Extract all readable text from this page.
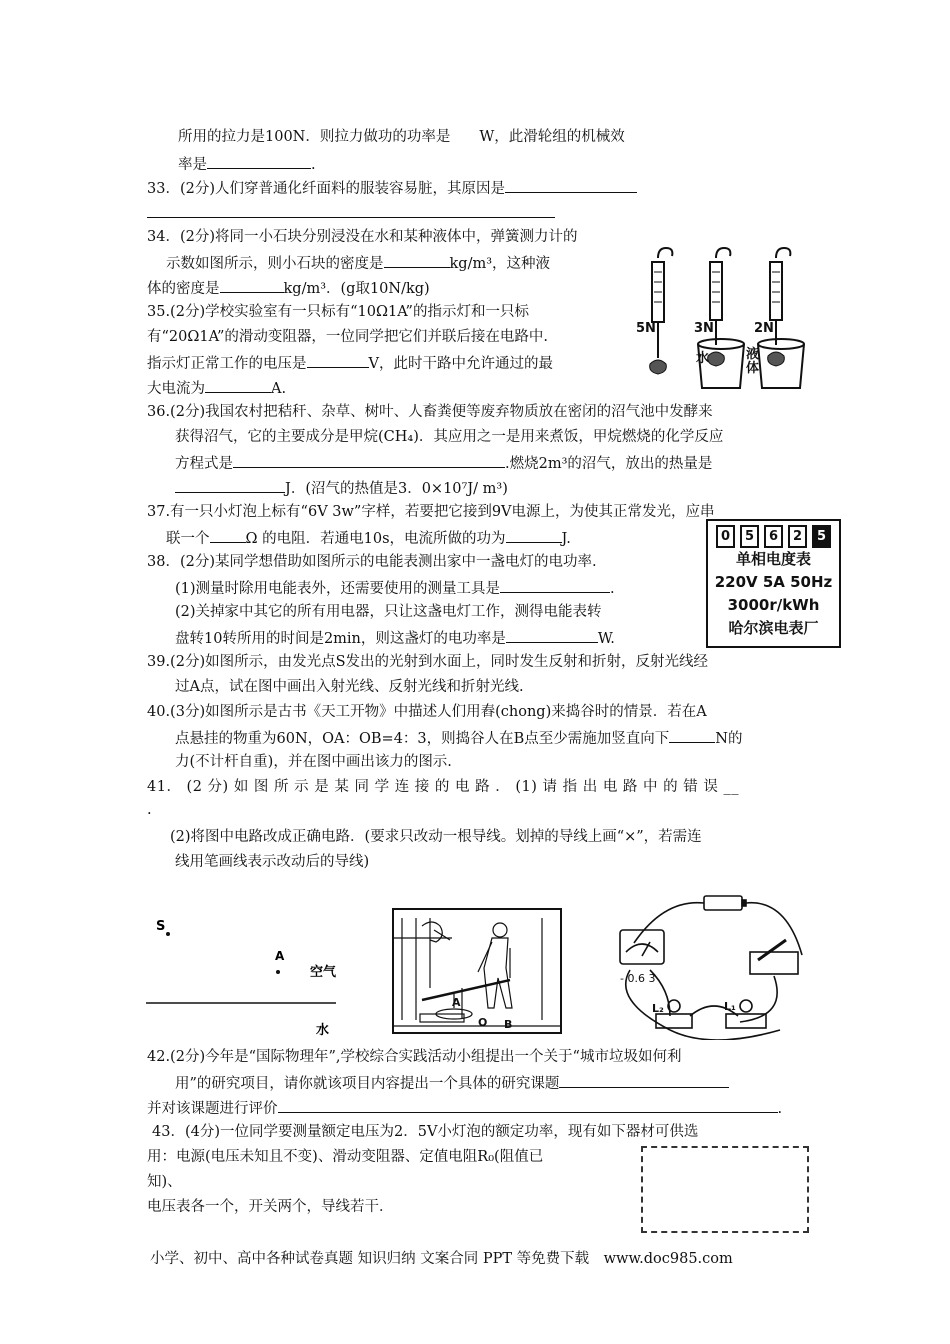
所用的拉力是100N．则拉力做功的功率是　　W，此滑轮组的机械效
率是	.
33．(2分)人们穿普通化纤面料的服装容易脏，其原因是
34．(2分)将同一小石块分别浸没在水和某种液体中，弹簧测力计的
示数如图所示，则小石块的密度是	kg/m³，这种液
体的密度是	kg/m³．(g取10N/kg)
35.(2分)学校实验室有一只标有“10Ω1A”的指示灯和一只标
有“20Ω1A”的滑动变阻器，一位同学把它们并联后接在电路中.
指示灯正常工作的电压是	V，此时干路中允许通过的最
大电流为	A.
36.(2分)我国农村把秸秆、杂草、树叶、人畜粪便等废弃物质放在密闭的沼气池中发酵来
获得沼气，它的主要成分是甲烷(CH₄)．其应用之一是用来煮饭，甲烷燃烧的化学反应
方程式是	.燃烧2m³的沼气，放出的热量是
J．(沼气的热值是3．0×10⁷J/ m³)
37.有一只小灯泡上标有“6V 3w”字样，若要把它接到9V电源上，为使其正常发光，应串
联一个 Ω 的电阻．若通电10s，电流所做的功为	J.
38．(2分)某同学想借助如图所示的电能表测出家中一盏电灯的电功率.
(1)测量时除用电能表外，还需要使用的测量工具是	.
(2)关掉家中其它的所有用电器，只让这盏电灯工作，测得电能表转
盘转10转所用的时间是2min，则这盏灯的电功率是	W.
39.(2分)如图所示，由发光点S发出的光射到水面上，同时发生反射和折射，反射光线经
过A点，试在图中画出入射光线、反射光线和折射光线.
40.(3分)如图所示是古书《天工开物》中描述人们用舂(chong)来捣谷时的情景．若在A
点悬挂的物重为60N，OA：OB=4：3，则捣谷人在B点至少需施加竖直向下	N的
力(不计杆自重)，并在图中画出该力的图示.
41． (2 分) 如 图 所 示 是 某 同 学 连 接 的 电 路 ． (1) 请 指 出 电 路 中 的 错 误 __
.
(2)将图中电路改成正确电路．(要求只改动一根导线。划掉的导线上画“×”，若需连
线用笔画线表示改动后的导线)
42.(2分)今年是“国际物理年”,学校综合实践活动小组提出一个关于“城市垃圾如何利
用”的研究项目，请你就该项目内容提出一个具体的研究课题
并对该课题进行评价	.
43．(4分)一位同学要测量额定电压为2．5V小灯泡的额定功率，现有如下器材可供选
用：电源(电压未知且不变)、滑动变阻器、定值电阻R₀(阻值已
知)、
电压表各一个，开关两个，导线若干．
5N	3N	2N
水	液
体
0	5	6	2	5
单相电度表
220V 5A 50Hz
3000r/kWh
哈尔滨电表厂
S
A
空气
水
A
O B
- 0.6 3
L₂	L₁
小学、初中、高中各种试卷真题 知识归纳 文案合同 PPT 等免费下载　www.doc985.com
